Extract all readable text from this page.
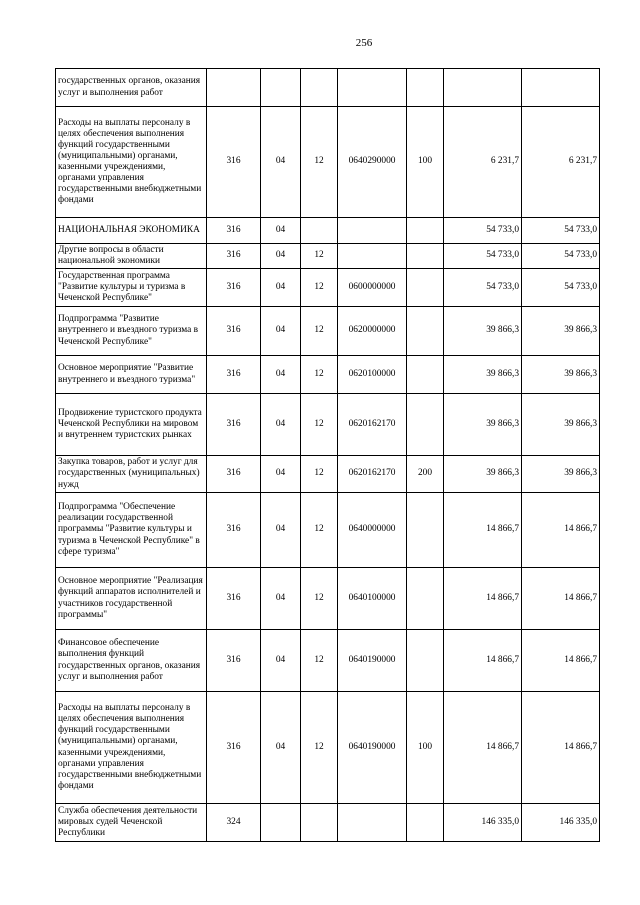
256
государственных органов, оказания услуг и выполнения работ							
Расходы на выплаты персоналу в целях обеспечения выполнения функций государственными (муниципальными) органами, казенными учреждениями, органами управления государственными внебюджетными фондами	316	04	12	0640290000	100	6 231,7	6 231,7
НАЦИОНАЛЬНАЯ ЭКОНОМИКА	316	04				54 733,0	54 733,0
Другие вопросы в области национальной экономики	316	04	12			54 733,0	54 733,0
Государственная программа "Развитие культуры и туризма в Чеченской Республике"	316	04	12	0600000000		54 733,0	54 733,0
Подпрограмма "Развитие внутреннего и въездного туризма в Чеченской Республике"	316	04	12	0620000000		39 866,3	39 866,3
Основное мероприятие "Развитие внутреннего и въездного туризма"	316	04	12	0620100000		39 866,3	39 866,3
Продвижение туристского продукта Чеченской Республики на мировом и внутреннем туристских рынках	316	04	12	0620162170		39 866,3	39 866,3
Закупка товаров, работ и услуг для государственных (муниципальных) нужд	316	04	12	0620162170	200	39 866,3	39 866,3
Подпрограмма "Обеспечение реализации государственной программы "Развитие культуры и туризма в Чеченской Республике" в сфере туризма"	316	04	12	0640000000		14 866,7	14 866,7
Основное мероприятие "Реализация функций аппаратов исполнителей и участников государственной программы"	316	04	12	0640100000		14 866,7	14 866,7
Финансовое обеспечение выполнения функций государственных органов, оказания услуг и выполнения работ	316	04	12	0640190000		14 866,7	14 866,7
Расходы на выплаты персоналу в целях обеспечения выполнения функций государственными (муниципальными) органами, казенными учреждениями, органами управления государственными внебюджетными фондами	316	04	12	0640190000	100	14 866,7	14 866,7
Служба обеспечения деятельности мировых судей Чеченской Республики	324					146 335,0	146 335,0
